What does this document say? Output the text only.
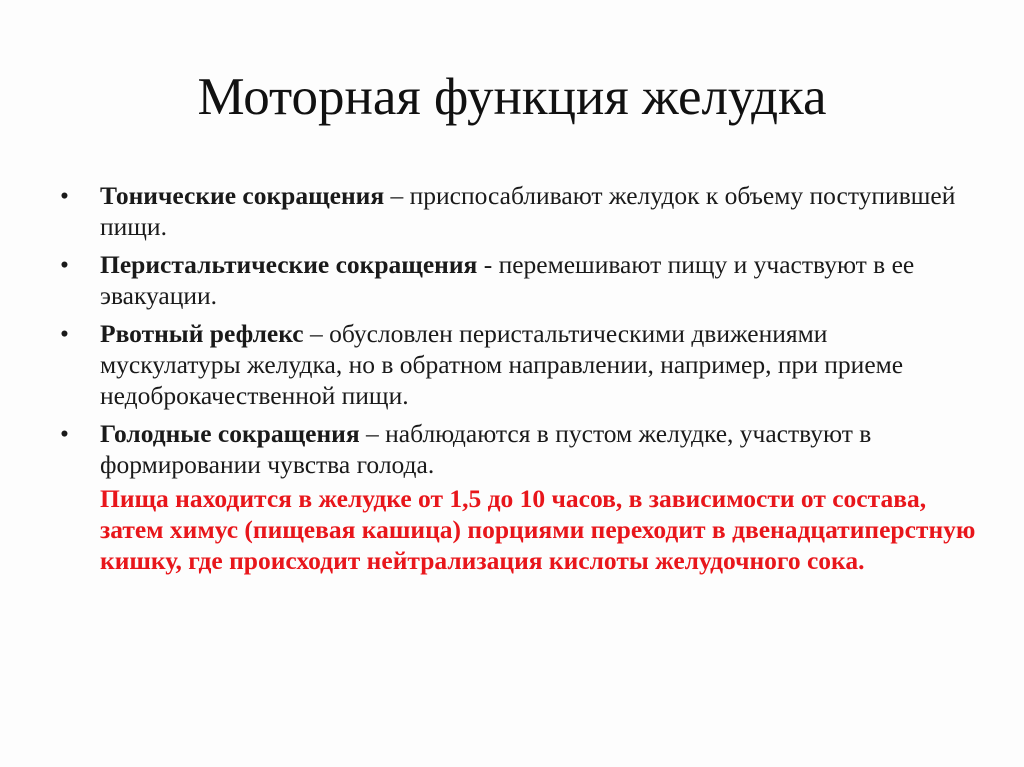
Моторная функция желудка
• Тонические сокращения – приспосабливают желудок к объему поступившей пищи.
• Перистальтические сокращения - перемешивают пищу и участвуют в ее эвакуации.
• Рвотный рефлекс – обусловлен перистальтическими движениями мускулатуры желудка, но в обратном направлении, например, при приеме недоброкачественной пищи.
• Голодные сокращения – наблюдаются в пустом желудке, участвуют в формировании чувства голода.

Пища находится в желудке от 1,5 до 10 часов, в зависимости от состава, затем химус (пищевая кашица) порциями переходит в двенадцатиперстную кишку, где происходит нейтрализация кислоты желудочного сока.
